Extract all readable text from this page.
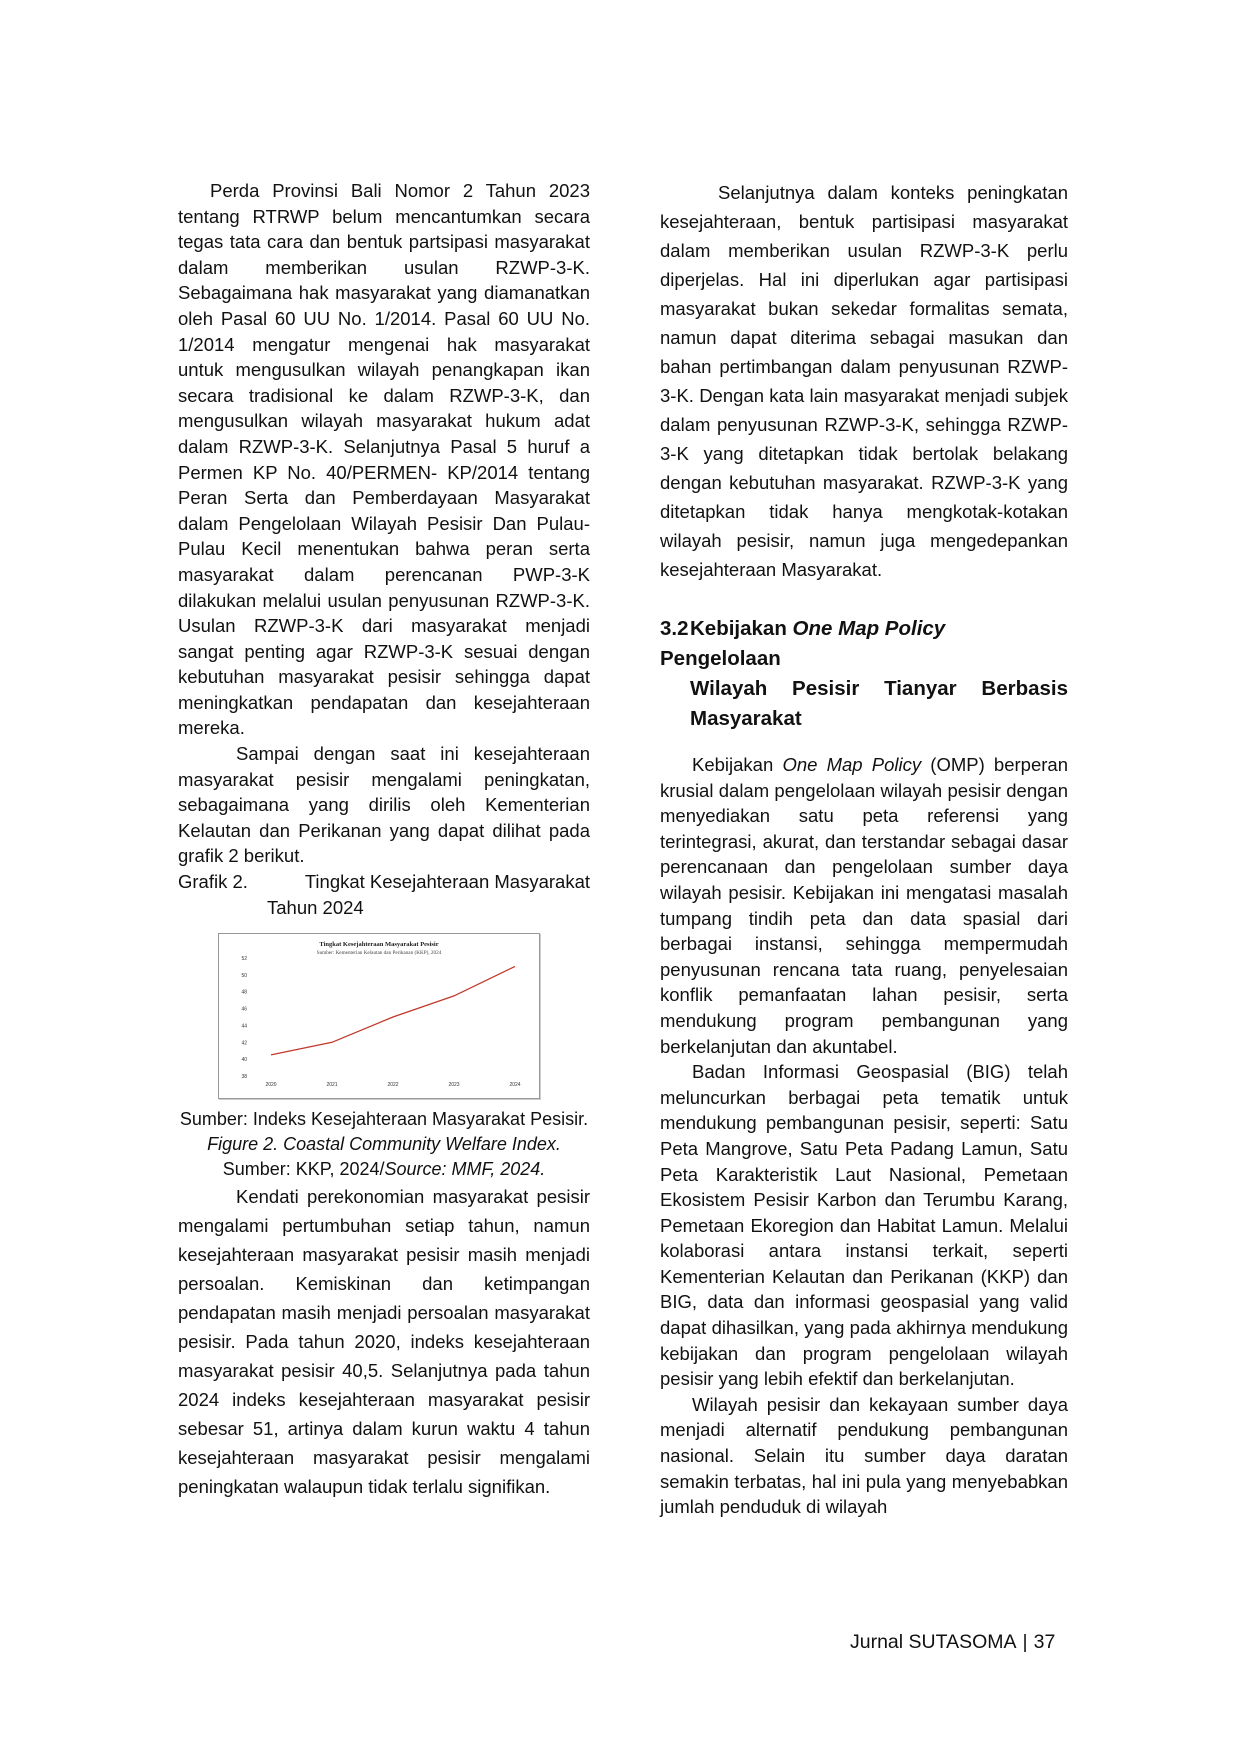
Perda Provinsi Bali Nomor 2 Tahun 2023 tentang RTRWP belum mencantumkan secara tegas tata cara dan bentuk partsipasi masyarakat dalam memberikan usulan RZWP-3-K. Sebagaimana hak masyarakat yang diamanatkan oleh Pasal 60 UU No. 1/2014. Pasal 60 UU No. 1/2014 mengatur mengenai hak masyarakat untuk mengusulkan wilayah penangkapan ikan secara tradisional ke dalam RZWP-3-K, dan mengusulkan wilayah masyarakat hukum adat dalam RZWP-3-K. Selanjutnya Pasal 5 huruf a Permen KP No. 40/PERMEN- KP/2014 tentang Peran Serta dan Pemberdayaan Masyarakat dalam Pengelolaan Wilayah Pesisir Dan Pulau-Pulau Kecil menentukan bahwa peran serta masyarakat dalam perencanan PWP-3-K dilakukan melalui usulan penyusunan RZWP-3-K. Usulan RZWP-3-K dari masyarakat menjadi sangat penting agar RZWP-3-K sesuai dengan kebutuhan masyarakat pesisir sehingga dapat meningkatkan pendapatan dan kesejahteraan mereka.

Sampai dengan saat ini kesejahteraan masyarakat pesisir mengalami peningkatan, sebagaimana yang dirilis oleh Kementerian Kelautan dan Perikanan yang dapat dilihat pada grafik 2 berikut.

Grafik 2.	Tingkat Kesejahteraan Masyarakat
Tahun 2024
Tingkat Kesejahteraan Masyarakat Pesisir
Sumber: Kementerian Kelautan dan Perikanan (KKP), 2024
38
40
42
44
46
48
50
52
2020	2021	2022	2023	2024
Sumber: Indeks Kesejahteraan Masyarakat Pesisir.
Figure 2. Coastal Community Welfare Index.
Sumber: KKP, 2024/Source: MMF, 2024.

Kendati perekonomian masyarakat pesisir mengalami pertumbuhan setiap tahun, namun kesejahteraan masyarakat pesisir masih menjadi persoalan. Kemiskinan dan ketimpangan pendapatan masih menjadi persoalan masyarakat pesisir. Pada tahun 2020, indeks kesejahteraan masyarakat pesisir 40,5. Selanjutnya pada tahun 2024 indeks kesejahteraan masyarakat pesisir sebesar 51, artinya dalam kurun waktu 4 tahun kesejahteraan masyarakat pesisir mengalami peningkatan walaupun tidak terlalu signifikan.

Selanjutnya dalam konteks peningkatan kesejahteraan, bentuk partisipasi masyarakat dalam memberikan usulan RZWP-3-K perlu diperjelas. Hal ini diperlukan agar partisipasi masyarakat bukan sekedar formalitas semata, namun dapat diterima sebagai masukan dan bahan pertimbangan dalam penyusunan RZWP-3-K. Dengan kata lain masyarakat menjadi subjek dalam penyusunan RZWP-3-K, sehingga RZWP-3-K yang ditetapkan tidak bertolak belakang dengan kebutuhan masyarakat. RZWP-3-K yang ditetapkan tidak hanya mengkotak-kotakan wilayah pesisir, namun juga mengedepankan kesejahteraan Masyarakat.

3.2Kebijakan One Map Policy Pengelolaan
Wilayah Pesisir Tianyar Berbasis
Masyarakat

Kebijakan One Map Policy (OMP) berperan krusial dalam pengelolaan wilayah pesisir dengan menyediakan satu peta referensi yang terintegrasi, akurat, dan terstandar sebagai dasar perencanaan dan pengelolaan sumber daya wilayah pesisir. Kebijakan ini mengatasi masalah tumpang tindih peta dan data spasial dari berbagai instansi, sehingga mempermudah penyusunan rencana tata ruang, penyelesaian konflik pemanfaatan lahan pesisir, serta mendukung program pembangunan yang berkelanjutan dan akuntabel.

Badan Informasi Geospasial (BIG) telah meluncurkan berbagai peta tematik untuk mendukung pembangunan pesisir, seperti: Satu Peta Mangrove, Satu Peta Padang Lamun, Satu Peta Karakteristik Laut Nasional, Pemetaan Ekosistem Pesisir Karbon dan Terumbu Karang, Pemetaan Ekoregion dan Habitat Lamun. Melalui kolaborasi antara instansi terkait, seperti Kementerian Kelautan dan Perikanan (KKP) dan BIG, data dan informasi geospasial yang valid dapat dihasilkan, yang pada akhirnya mendukung kebijakan dan program pengelolaan wilayah pesisir yang lebih efektif dan berkelanjutan.

Wilayah pesisir dan kekayaan sumber daya menjadi alternatif pendukung pembangunan nasional. Selain itu sumber daya daratan semakin terbatas, hal ini pula yang menyebabkan jumlah penduduk di wilayah

Jurnal SUTASOMA | 37
